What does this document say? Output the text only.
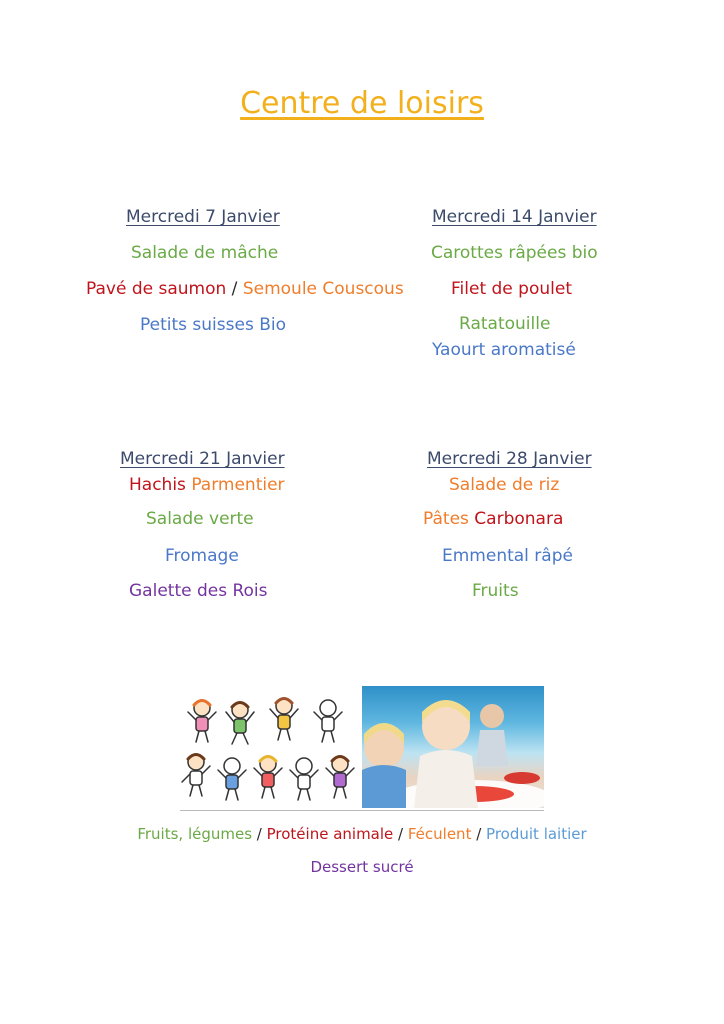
Centre de loisirs
Mercredi 7 Janvier
Salade de mâche
Pavé de saumon / Semoule Couscous
Petits suisses Bio
Mercredi 14 Janvier
Carottes râpées bio
Filet de poulet
Ratatouille
Yaourt aromatisé
Mercredi 21 Janvier
Hachis Parmentier
Salade verte
Fromage
Galette des Rois
Mercredi 28 Janvier
Salade de riz
Pâtes Carbonara
Emmental râpé
Fruits
Fruits, légumes / Protéine animale / Féculent / Produit laitier
Dessert sucré
